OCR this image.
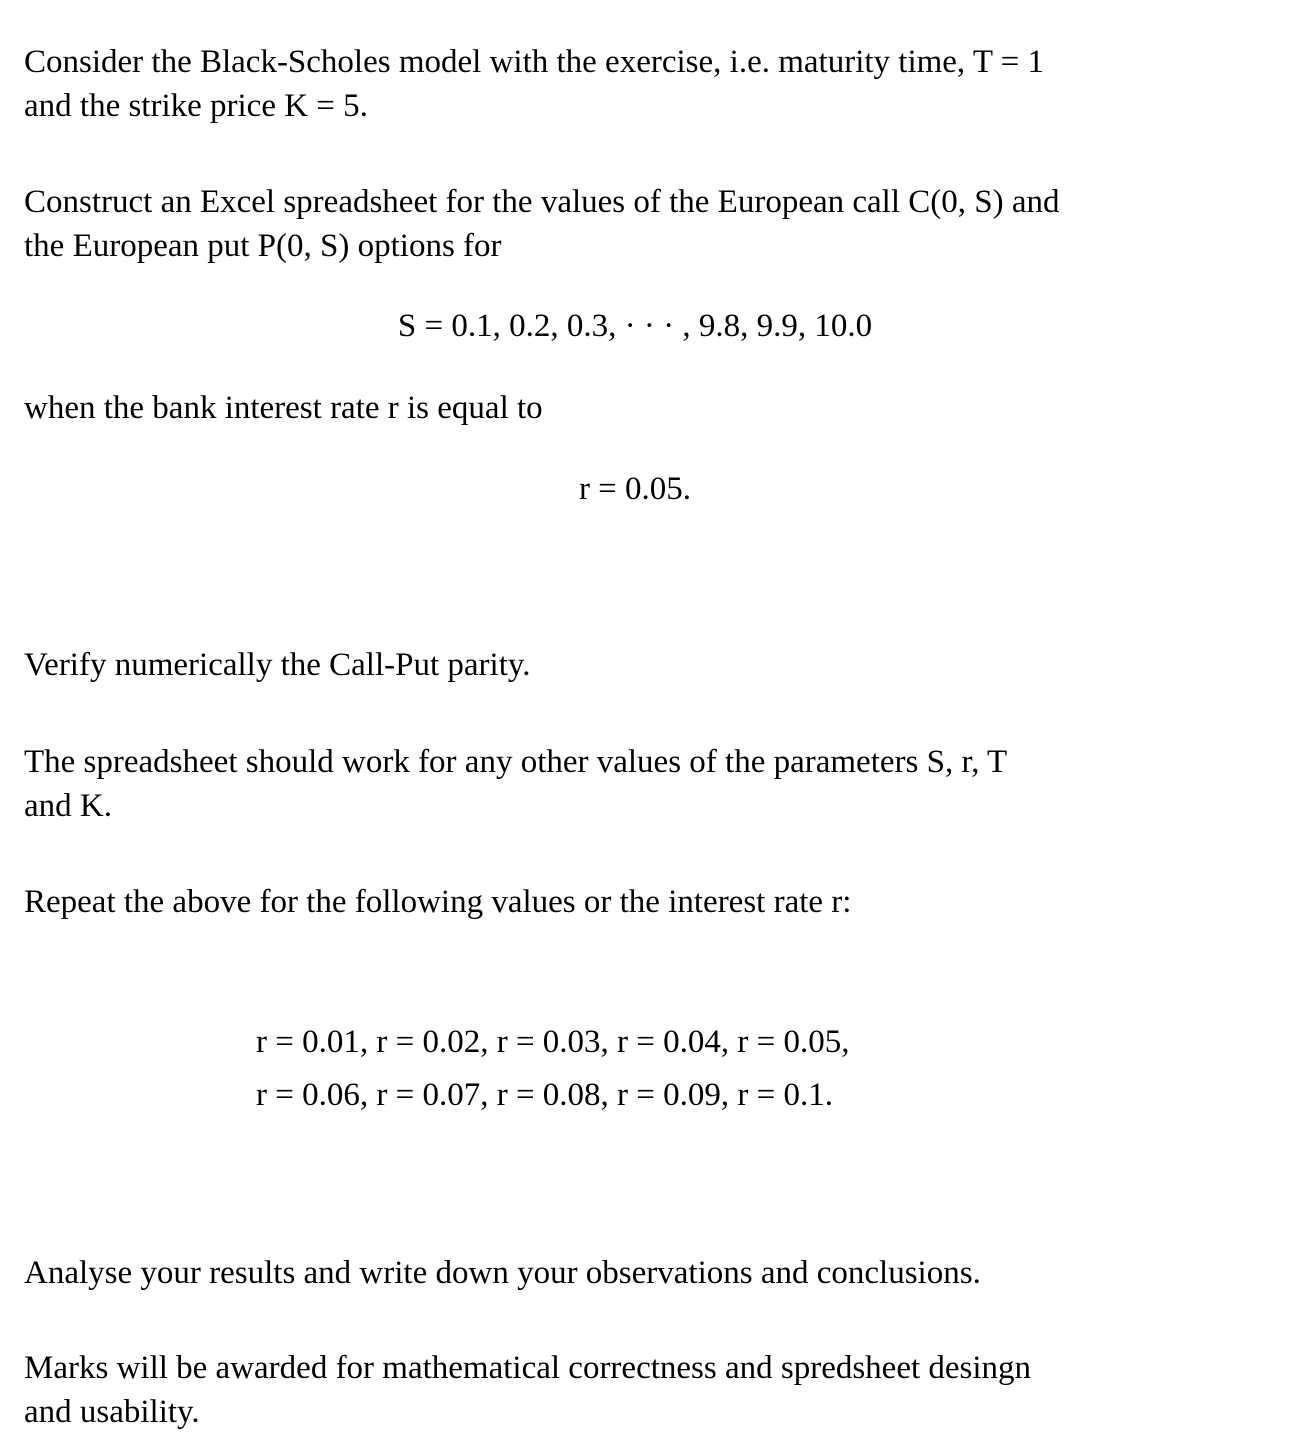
Consider the Black-Scholes model with the exercise, i.e. maturity time, T = 1
and the strike price K = 5.
Construct an Excel spreadsheet for the values of the European call C(0, S) and
the European put P(0, S) options for
S = 0.1, 0.2, 0.3, · · · , 9.8, 9.9, 10.0
when the bank interest rate r is equal to
r = 0.05.
Verify numerically the Call-Put parity.
The spreadsheet should work for any other values of the parameters S, r, T
and K.
Repeat the above for the following values or the interest rate r:
r = 0.01, r = 0.02, r = 0.03, r = 0.04, r = 0.05,
r = 0.06, r = 0.07, r = 0.08, r = 0.09, r = 0.1.
Analyse your results and write down your observations and conclusions.
Marks will be awarded for mathematical correctness and spredsheet desingn
and usability.
